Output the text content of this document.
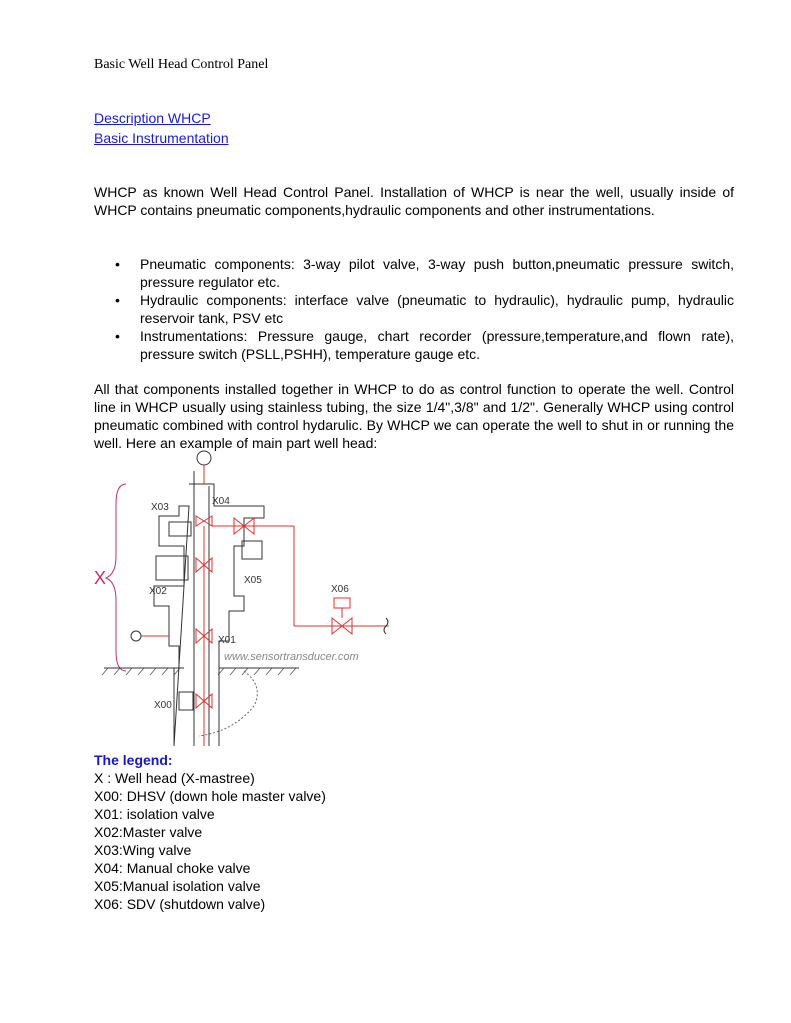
Basic Well Head Control Panel
Description WHCP
Basic Instrumentation

WHCP as known Well Head Control Panel. Installation of WHCP is near the well, usually inside of WHCP contains pneumatic components,hydraulic components and other instrumentations.

• Pneumatic components: 3-way pilot valve, 3-way push button,pneumatic pressure switch, pressure regulator etc.
• Hydraulic components: interface valve (pneumatic to hydraulic), hydraulic pump, hydraulic reservoir tank, PSV etc
• Instrumentations: Pressure gauge, chart recorder (pressure,temperature,and flown rate), pressure switch (PSLL,PSHH), temperature gauge etc.

All that components installed together in WHCP to do as control function to operate the well. Control line in WHCP usually using stainless tubing, the size 1/4",3/8" and 1/2". Generally WHCP using control pneumatic combined with control hydarulic. By WHCP we can operate the well to shut in or running the well. Here an example of main part well head:

X
X03
X04
X02
X05
X06
X01
X00
www.sensortransducer.com
The legend:
X : Well head (X-mastree)
X00: DHSV (down hole master valve)
X01: isolation valve
X02:Master valve
X03:Wing valve
X04: Manual choke valve
X05:Manual isolation valve
X06: SDV (shutdown valve)
